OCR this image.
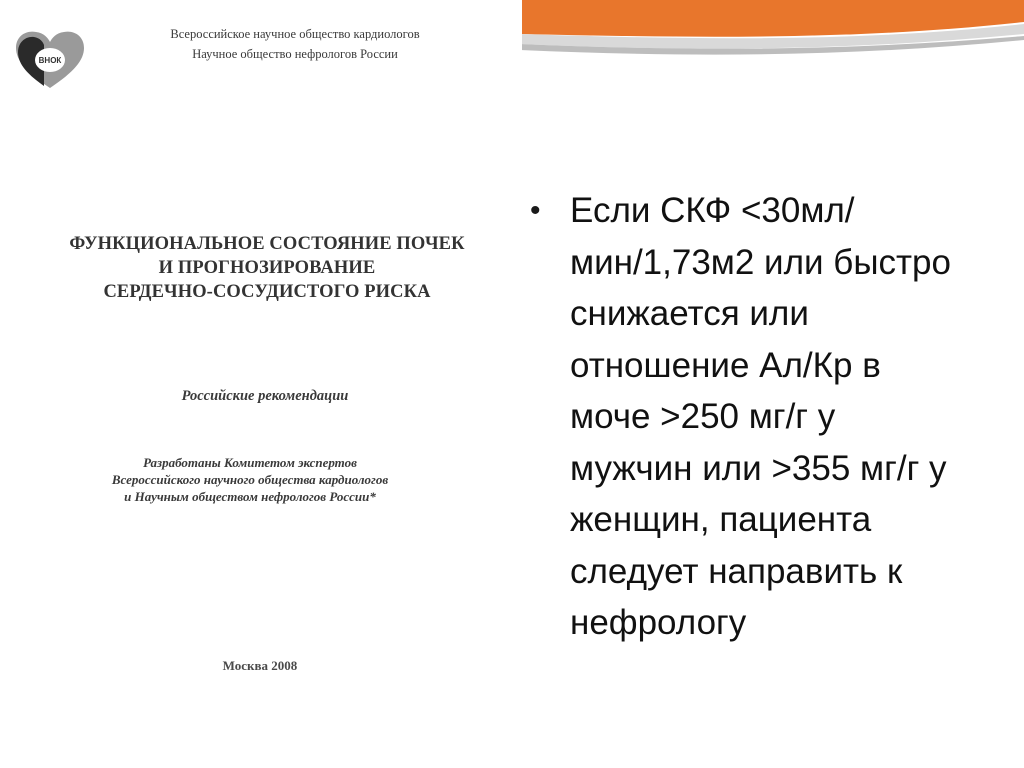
ВНОК
Всероссийское научное общество кардиологов
Научное общество нефрологов России
ФУНКЦИОНАЛЬНОЕ СОСТОЯНИЕ ПОЧЕК
И ПРОГНОЗИРОВАНИЕ
СЕРДЕЧНО-СОСУДИСТОГО РИСКА
Российские рекомендации
Разработаны Комитетом экспертов
Всероссийского научного общества кардиологов
и Научным обществом нефрологов России*
Москва 2008
• Если СКФ <30мл/мин/1,73м2 или быстро снижается или отношение Ал/Кр в моче >250 мг/г у мужчин или >355 мг/г у женщин, пациента следует направить к нефрологу
